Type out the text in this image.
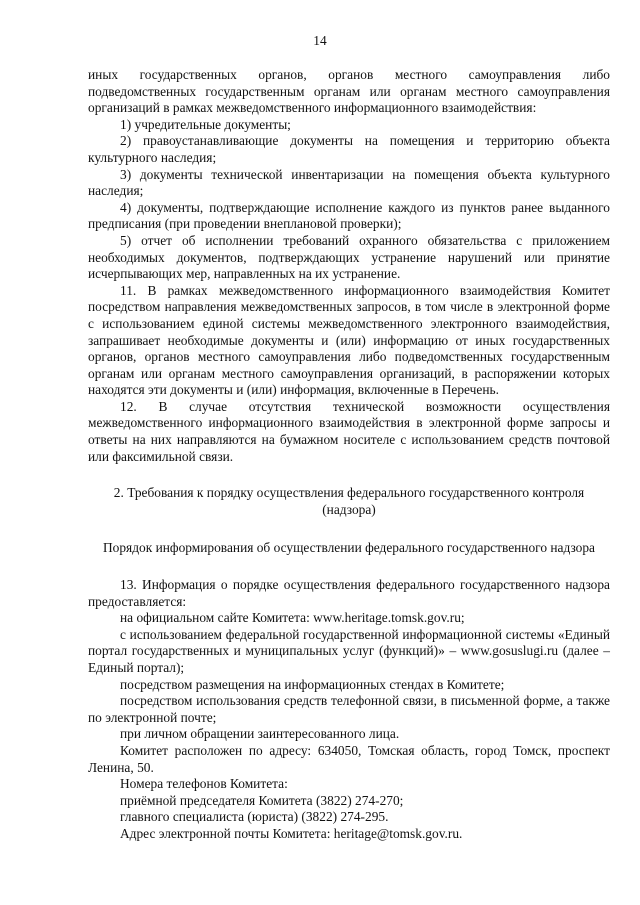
14

иных государственных органов, органов местного самоуправления либо подведомственных государственным органам или органам местного самоуправления организаций в рамках межведомственного информационного взаимодействия:

1) учредительные документы;

2) правоустанавливающие документы на помещения и территорию объекта культурного наследия;

3) документы технической инвентаризации на помещения объекта культурного наследия;

4) документы, подтверждающие исполнение каждого из пунктов ранее выданного предписания (при проведении внеплановой проверки);

5) отчет об исполнении требований охранного обязательства с приложением необходимых документов, подтверждающих устранение нарушений или принятие исчерпывающих мер, направленных на их устранение.

11. В рамках межведомственного информационного взаимодействия Комитет посредством направления межведомственных запросов, в том числе в электронной форме с использованием единой системы межведомственного электронного взаимодействия, запрашивает необходимые документы и (или) информацию от иных государственных органов, органов местного самоуправления либо подведомственных государственным органам или органам местного самоуправления организаций, в распоряжении которых находятся эти документы и (или) информация, включенные в Перечень.

12. В случае отсутствия технической возможности осуществления межведомственного информационного взаимодействия в электронной форме запросы и ответы на них направляются на бумажном носителе с использованием средств почтовой или факсимильной связи.

2. Требования к порядку осуществления федерального государственного контроля (надзора)

Порядок информирования об осуществлении федерального государственного надзора

13. Информация о порядке осуществления федерального государственного надзора предоставляется:

на официальном сайте Комитета: www.heritage.tomsk.gov.ru;

с использованием федеральной государственной информационной системы «Единый портал государственных и муниципальных услуг (функций)» – www.gosuslugi.ru (далее – Единый портал);

посредством размещения на информационных стендах в Комитете;

посредством использования средств телефонной связи, в письменной форме, а также по электронной почте;

при личном обращении заинтересованного лица.

Комитет расположен по адресу: 634050, Томская область, город Томск, проспект Ленина, 50.

Номера телефонов Комитета:

приёмной председателя Комитета (3822) 274-270;

главного специалиста (юриста) (3822) 274-295.

Адрес электронной почты Комитета: heritage@tomsk.gov.ru.
